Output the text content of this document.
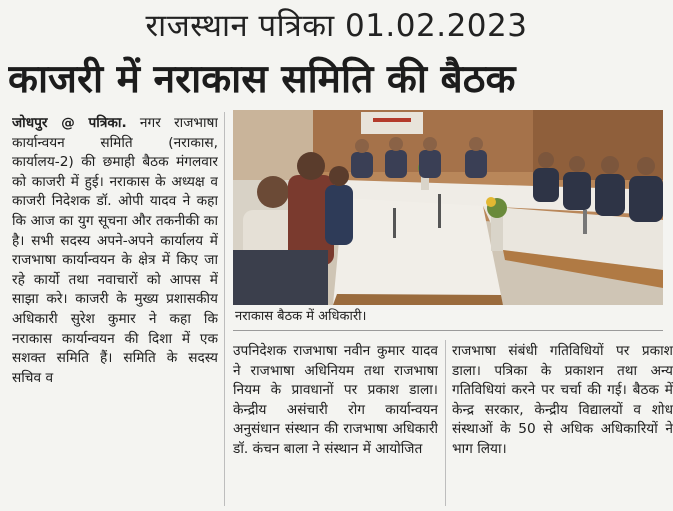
राजस्थान पत्रिका 01.02.2023
काजरी में नराकास समिति की बैठक

जोधपुर @ पत्रिका. नगर राजभाषा कार्यान्वयन समिति (नराकास, कार्यालय-2) की छमाही बैठक मंगलवार को काजरी में हुई। नराकास के अध्यक्ष व काजरी निदेशक डॉ. ओपी यादव ने कहा कि आज का युग सूचना और तकनीकी का है। सभी सदस्य अपने-अपने कार्यालय में राजभाषा कार्यान्वयन के क्षेत्र में किए जा रहे कार्यो तथा नवाचारों को आपस में साझा करे। काजरी के मुख्य प्रशासकीय अधिकारी सुरेश कुमार ने कहा कि नराकास कार्यान्वयन की दिशा में एक सशक्त समिति हैं। समिति के सदस्य सचिव व

नराकास बैठक में अधिकारी।

उपनिदेशक राजभाषा नवीन कुमार यादव ने राजभाषा अधिनियम तथा राजभाषा नियम के प्रावधानों पर प्रकाश डाला। केन्द्रीय असंचारी रोग कार्यान्वयन अनुसंधान संस्थान की राजभाषा अधिकारी डॉ. कंचन बाला ने संस्थान में आयोजित

राजभाषा संबंधी गतिविधियों पर प्रकाश डाला। पत्रिका के प्रकाशन तथा अन्य गतिविधियां करने पर चर्चा की गई। बैठक में केन्द्र सरकार, केन्द्रीय विद्यालयों व शोध संस्थाओं के 50 से अधिक अधिकारियों ने भाग लिया।
